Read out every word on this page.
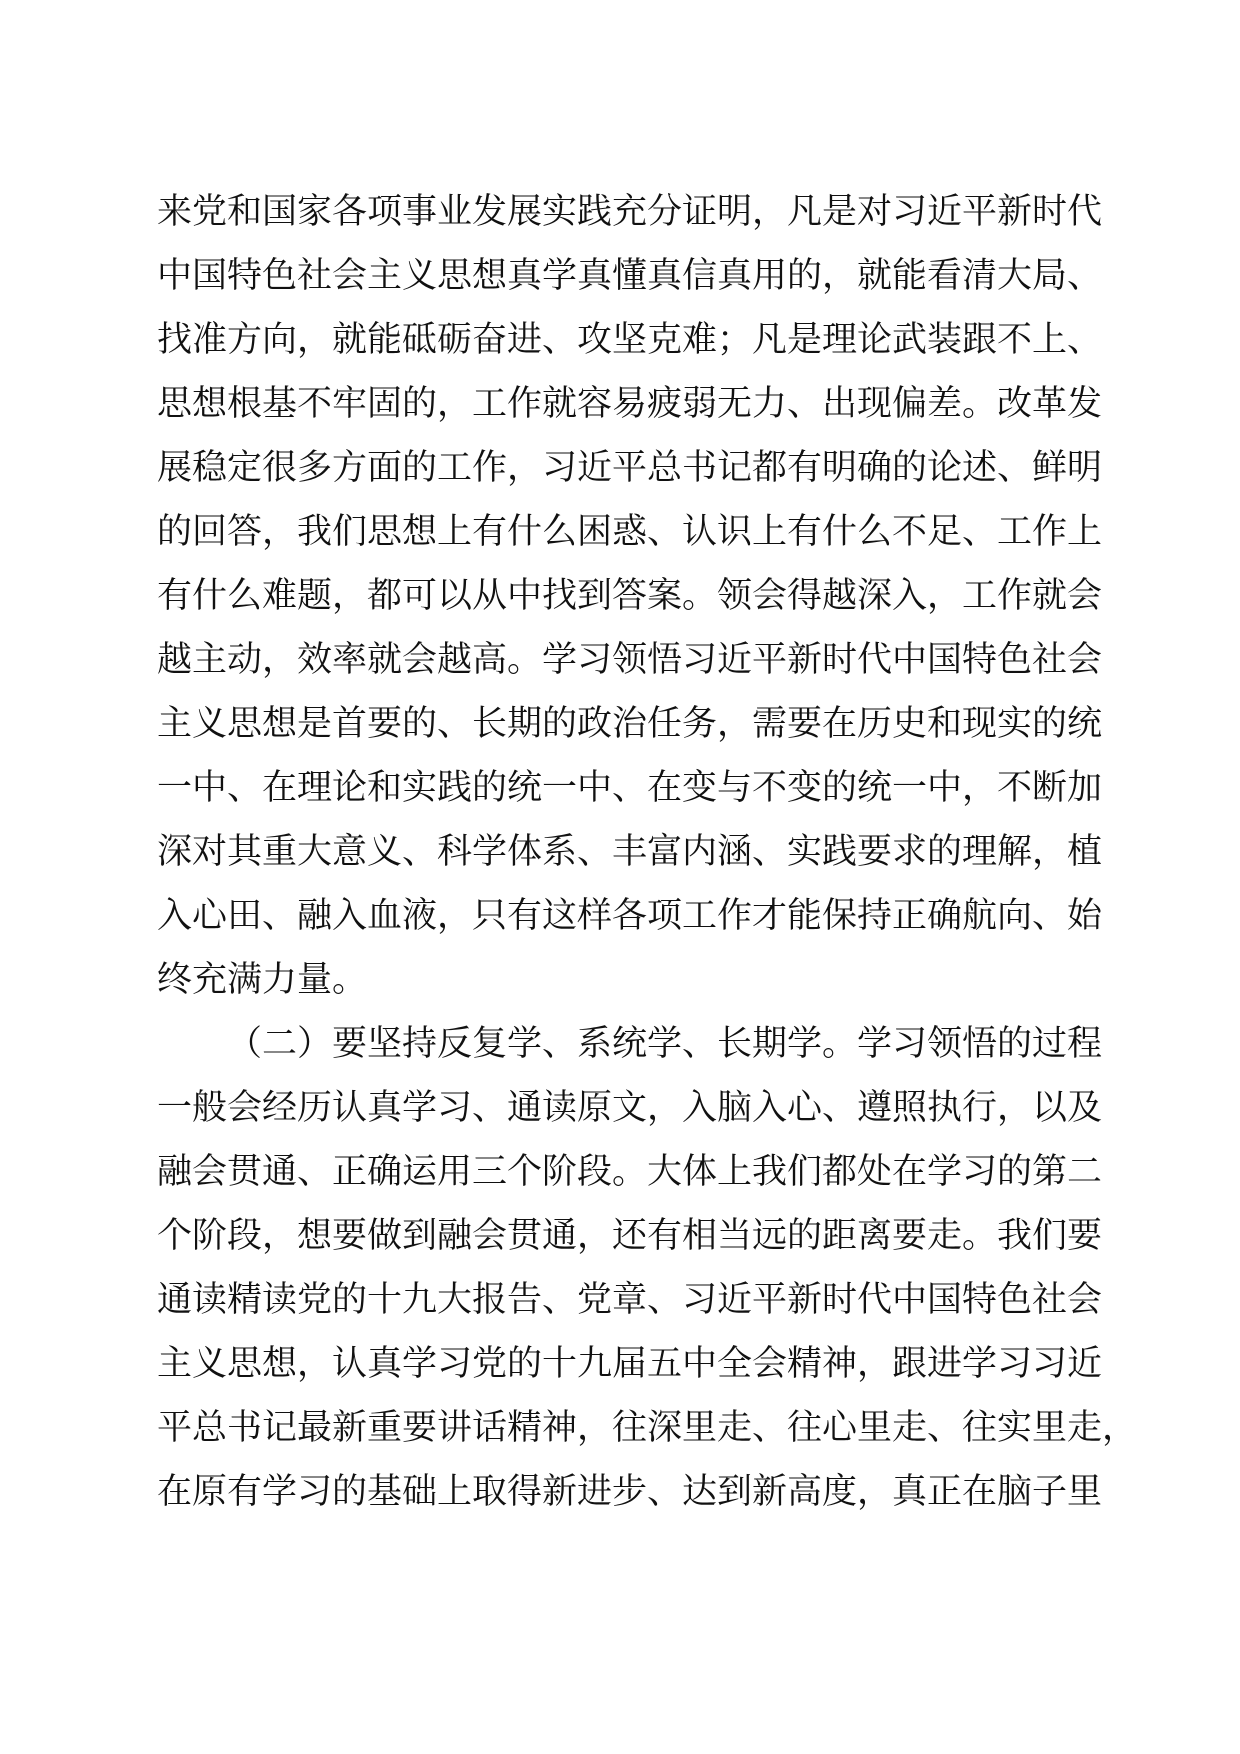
来党和国家各项事业发展实践充分证明，凡是对习近平新时代
中国特色社会主义思想真学真懂真信真用的，就能看清大局、
找准方向，就能砥砺奋进、攻坚克难；凡是理论武装跟不上、
思想根基不牢固的，工作就容易疲弱无力、出现偏差。改革发
展稳定很多方面的工作，习近平总书记都有明确的论述、鲜明
的回答，我们思想上有什么困惑、认识上有什么不足、工作上
有什么难题，都可以从中找到答案。领会得越深入，工作就会
越主动，效率就会越高。学习领悟习近平新时代中国特色社会
主义思想是首要的、长期的政治任务，需要在历史和现实的统
一中、在理论和实践的统一中、在变与不变的统一中，不断加
深对其重大意义、科学体系、丰富内涵、实践要求的理解，植
入心田、融入血液，只有这样各项工作才能保持正确航向、始
终充满力量。
（二）要坚持反复学、系统学、长期学。学习领悟的过程
一般会经历认真学习、通读原文，入脑入心、遵照执行，以及
融会贯通、正确运用三个阶段。大体上我们都处在学习的第二
个阶段，想要做到融会贯通，还有相当远的距离要走。我们要
通读精读党的十九大报告、党章、习近平新时代中国特色社会
主义思想，认真学习党的十九届五中全会精神，跟进学习习近
平总书记最新重要讲话精神，往深里走、往心里走、往实里走，
在原有学习的基础上取得新进步、达到新高度，真正在脑子里
